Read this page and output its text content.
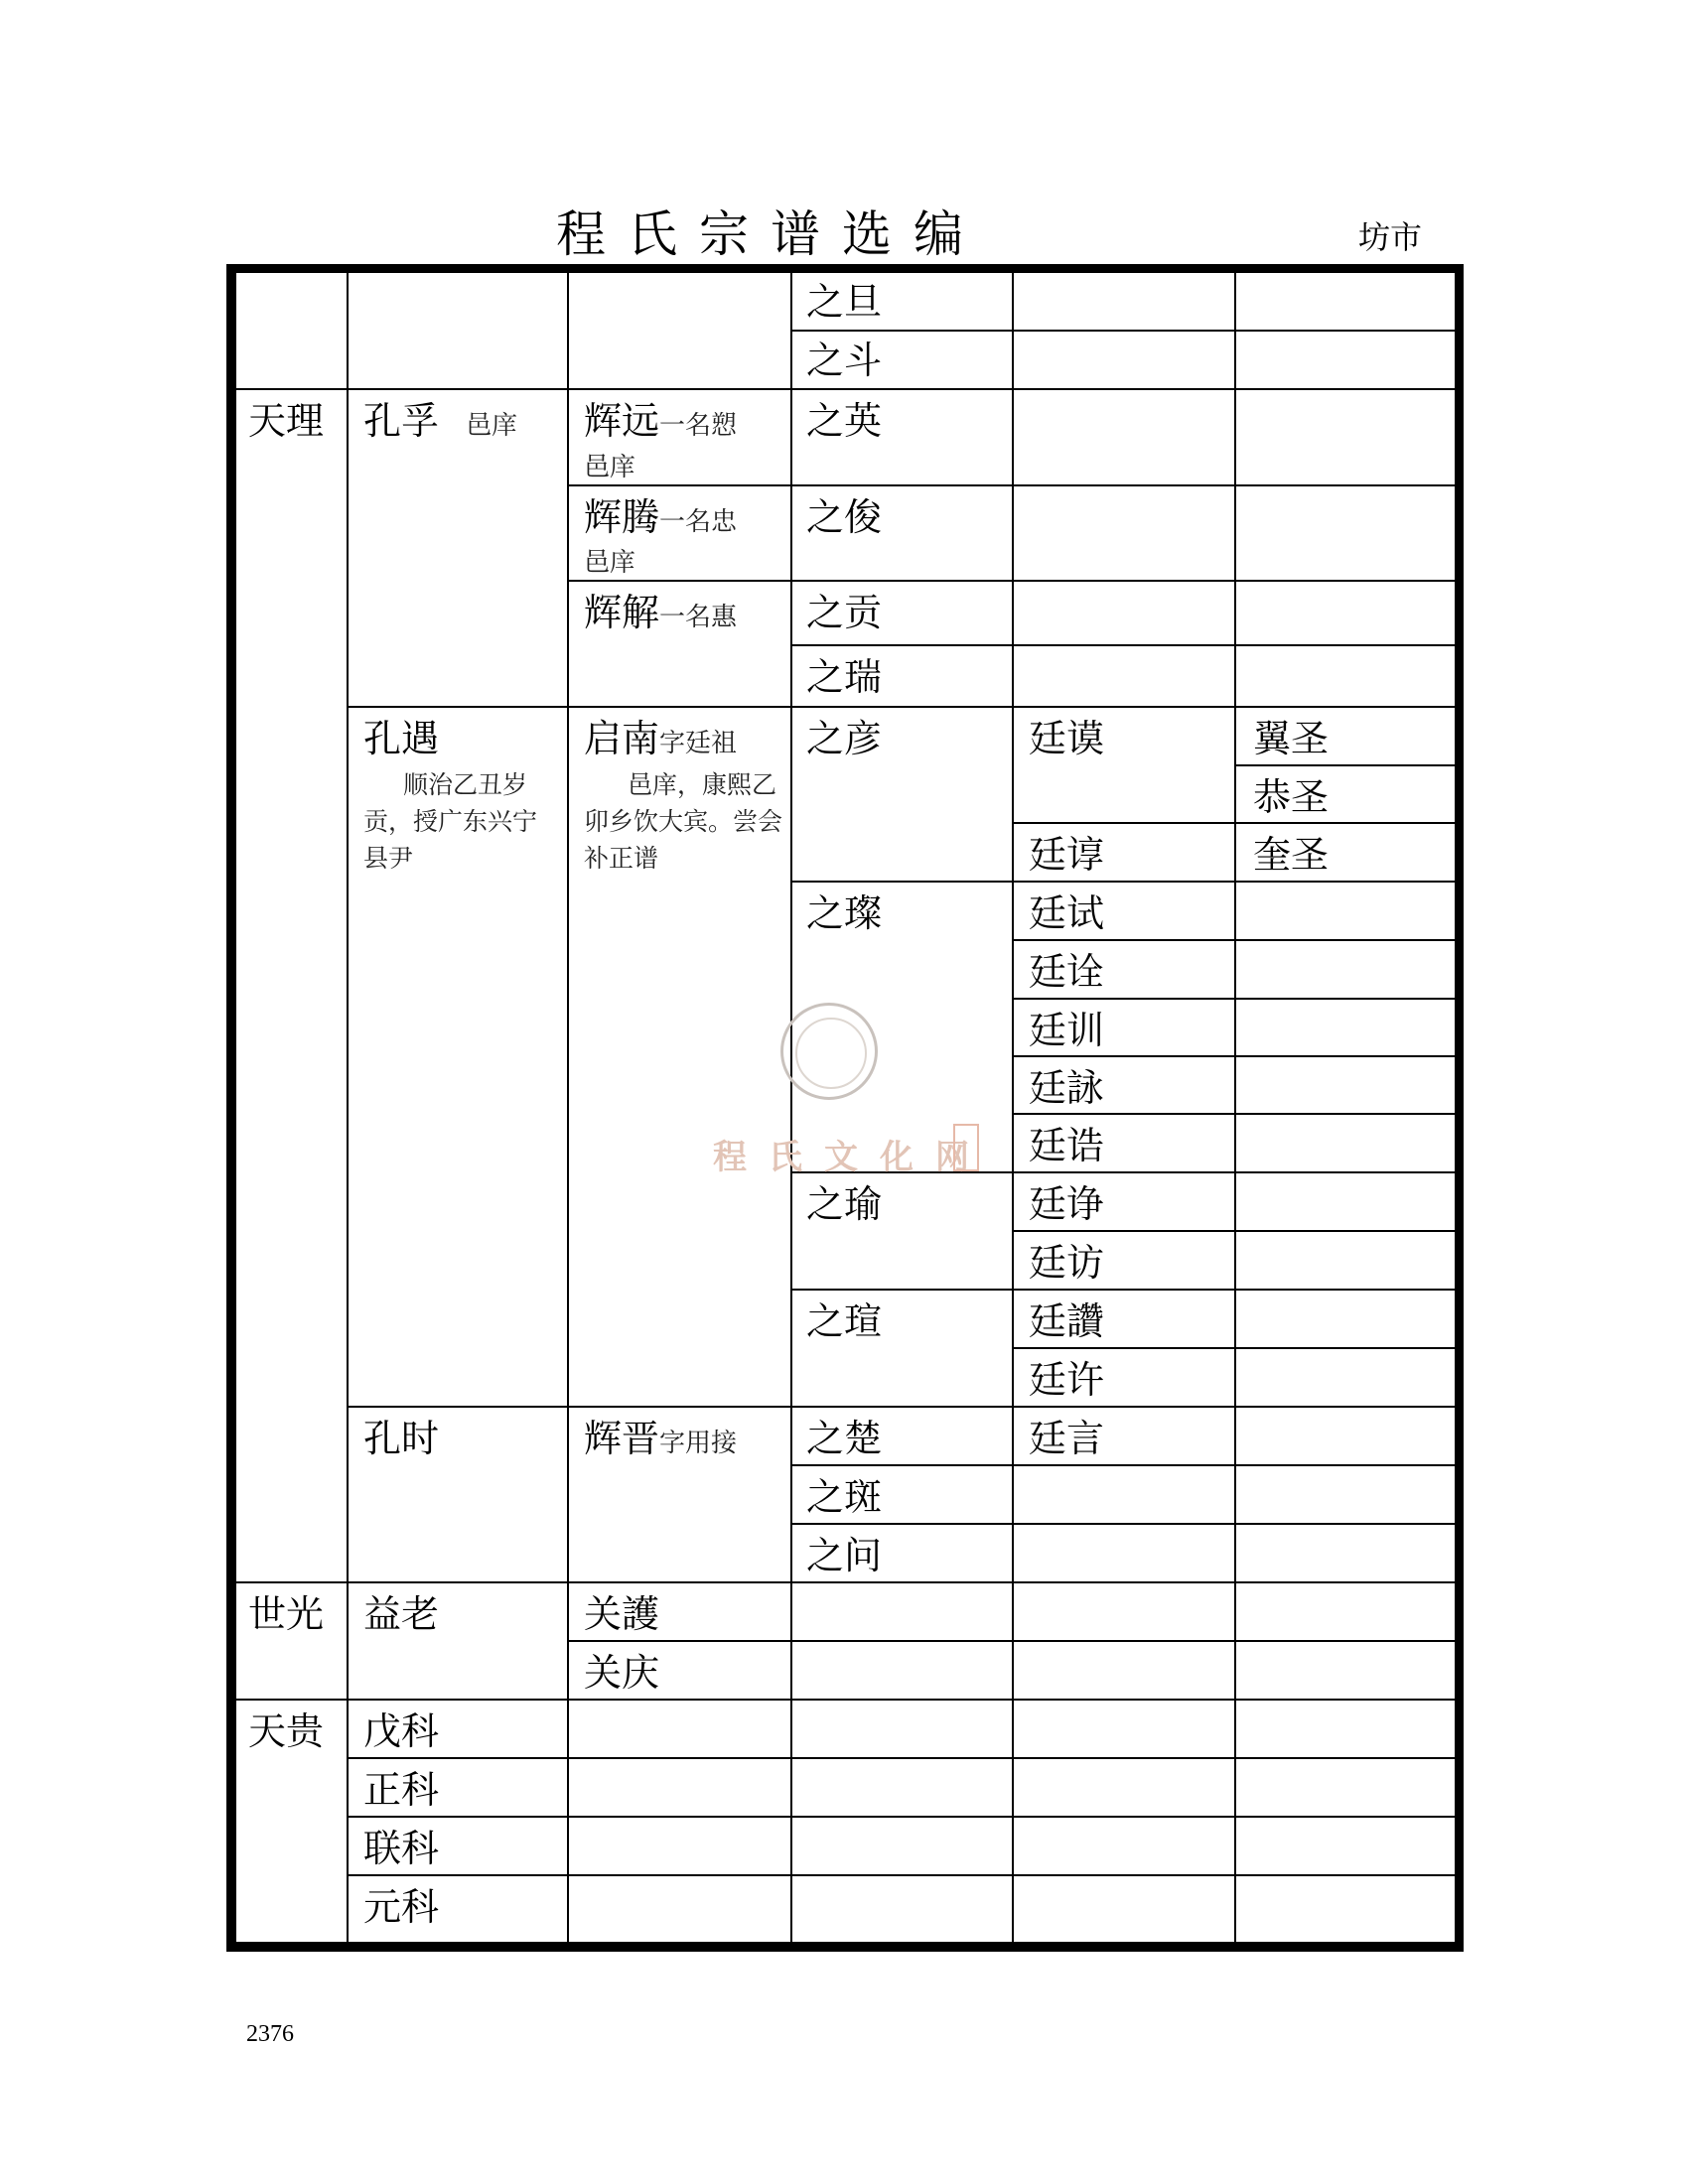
程氏宗谱选编	坊市
程氏文化网
天理
世光
天贵
孔孚 邑庠
孔遇
顺治乙丑岁贡，授广东兴宁县尹
孔时
益老
戊科
正科
联科
元科
辉远一名愬
邑庠
辉腾一名忠
邑庠
辉解一名惠
启南字廷祖
邑庠，康熙乙卯乡饮大宾。尝会补正谱
辉晋字用接
关護
关庆
之旦
之斗
之英
之俊
之贡
之瑞
之彦
之璨
之瑜
之瑄
之楚
之斑
之问
廷谟
廷谆
廷试
廷诠
廷训
廷詠
廷诰
廷诤
廷访
廷讚
廷许
廷言
翼圣
恭圣
奎圣
2376
